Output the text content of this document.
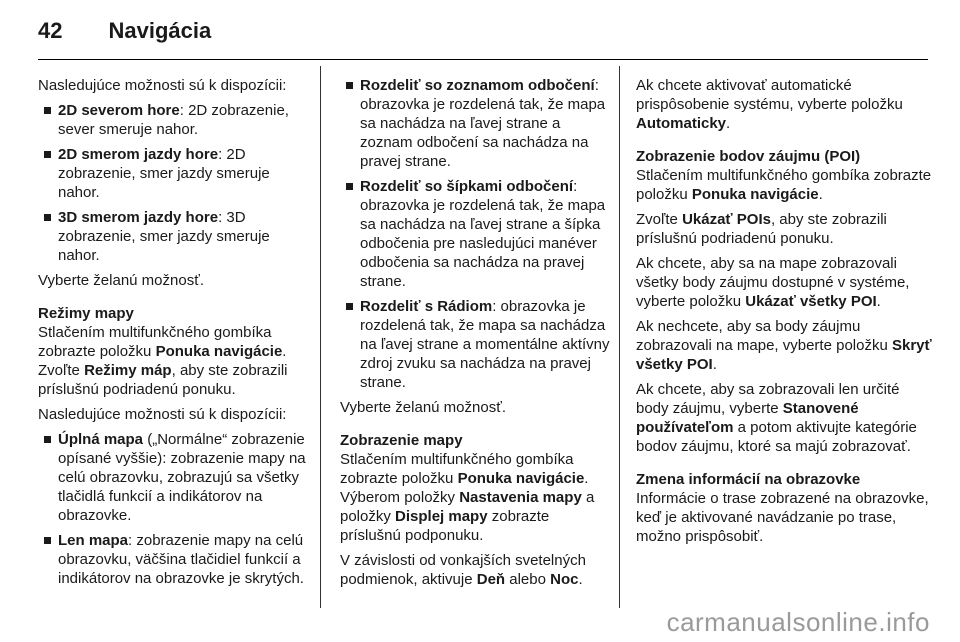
42 Navigácia

Nasledujúce možnosti sú k dispozícii:

2D severom hore: 2D zobrazenie, sever smeruje nahor.
2D smerom jazdy hore: 2D zobrazenie, smer jazdy smeruje nahor.
3D smerom jazdy hore: 3D zobrazenie, smer jazdy smeruje nahor.

Vyberte želanú možnosť.

Režimy mapy

Stlačením multifunkčného gombíka zobrazte položku Ponuka navigácie. Zvoľte Režimy máp, aby ste zobrazili príslušnú podriadenú ponuku.

Nasledujúce možnosti sú k dispozícii:

Úplná mapa („Normálne“ zobrazenie opísané vyššie): zobrazenie mapy na celú obrazovku, zobrazujú sa všetky tlačidlá funkcií a indikátorov na obrazovke.
Len mapa: zobrazenie mapy na celú obrazovku, väčšina tlačidiel funkcií a indikátorov na obrazovke je skrytých.
Rozdeliť so zoznamom odbočení: obrazovka je rozdelená tak, že mapa sa nachádza na ľavej strane a zoznam odbočení sa nachádza na pravej strane.
Rozdeliť so šípkami odbočení: obrazovka je rozdelená tak, že mapa sa nachádza na ľavej strane a šípka odbočenia pre nasledujúci manéver odbočenia sa nachádza na pravej strane.
Rozdeliť s Rádiom: obrazovka je rozdelená tak, že mapa sa nachádza na ľavej strane a momentálne aktívny zdroj zvuku sa nachádza na pravej strane.

Vyberte želanú možnosť.

Zobrazenie mapy

Stlačením multifunkčného gombíka zobrazte položku Ponuka navigácie. Výberom položky Nastavenia mapy a položky Displej mapy zobrazte príslušnú podponuku.

V závislosti od vonkajších svetelných podmienok, aktivuje Deň alebo Noc.

Ak chcete aktivovať automatické prispôsobenie systému, vyberte položku Automaticky.

Zobrazenie bodov záujmu (POI)

Stlačením multifunkčného gombíka zobrazte položku Ponuka navigácie.

Zvoľte Ukázať POIs, aby ste zobrazili príslušnú podriadenú ponuku.

Ak chcete, aby sa na mape zobrazovali všetky body záujmu dostupné v systéme, vyberte položku Ukázať všetky POI.

Ak nechcete, aby sa body záujmu zobrazovali na mape, vyberte položku Skryť všetky POI.

Ak chcete, aby sa zobrazovali len určité body záujmu, vyberte Stanovené používateľom a potom aktivujte kategórie bodov záujmu, ktoré sa majú zobrazovať.

Zmena informácií na obrazovke

Informácie o trase zobrazené na obrazovke, keď je aktivované navádzanie po trase, možno prispôsobiť.

carmanualsonline.info
